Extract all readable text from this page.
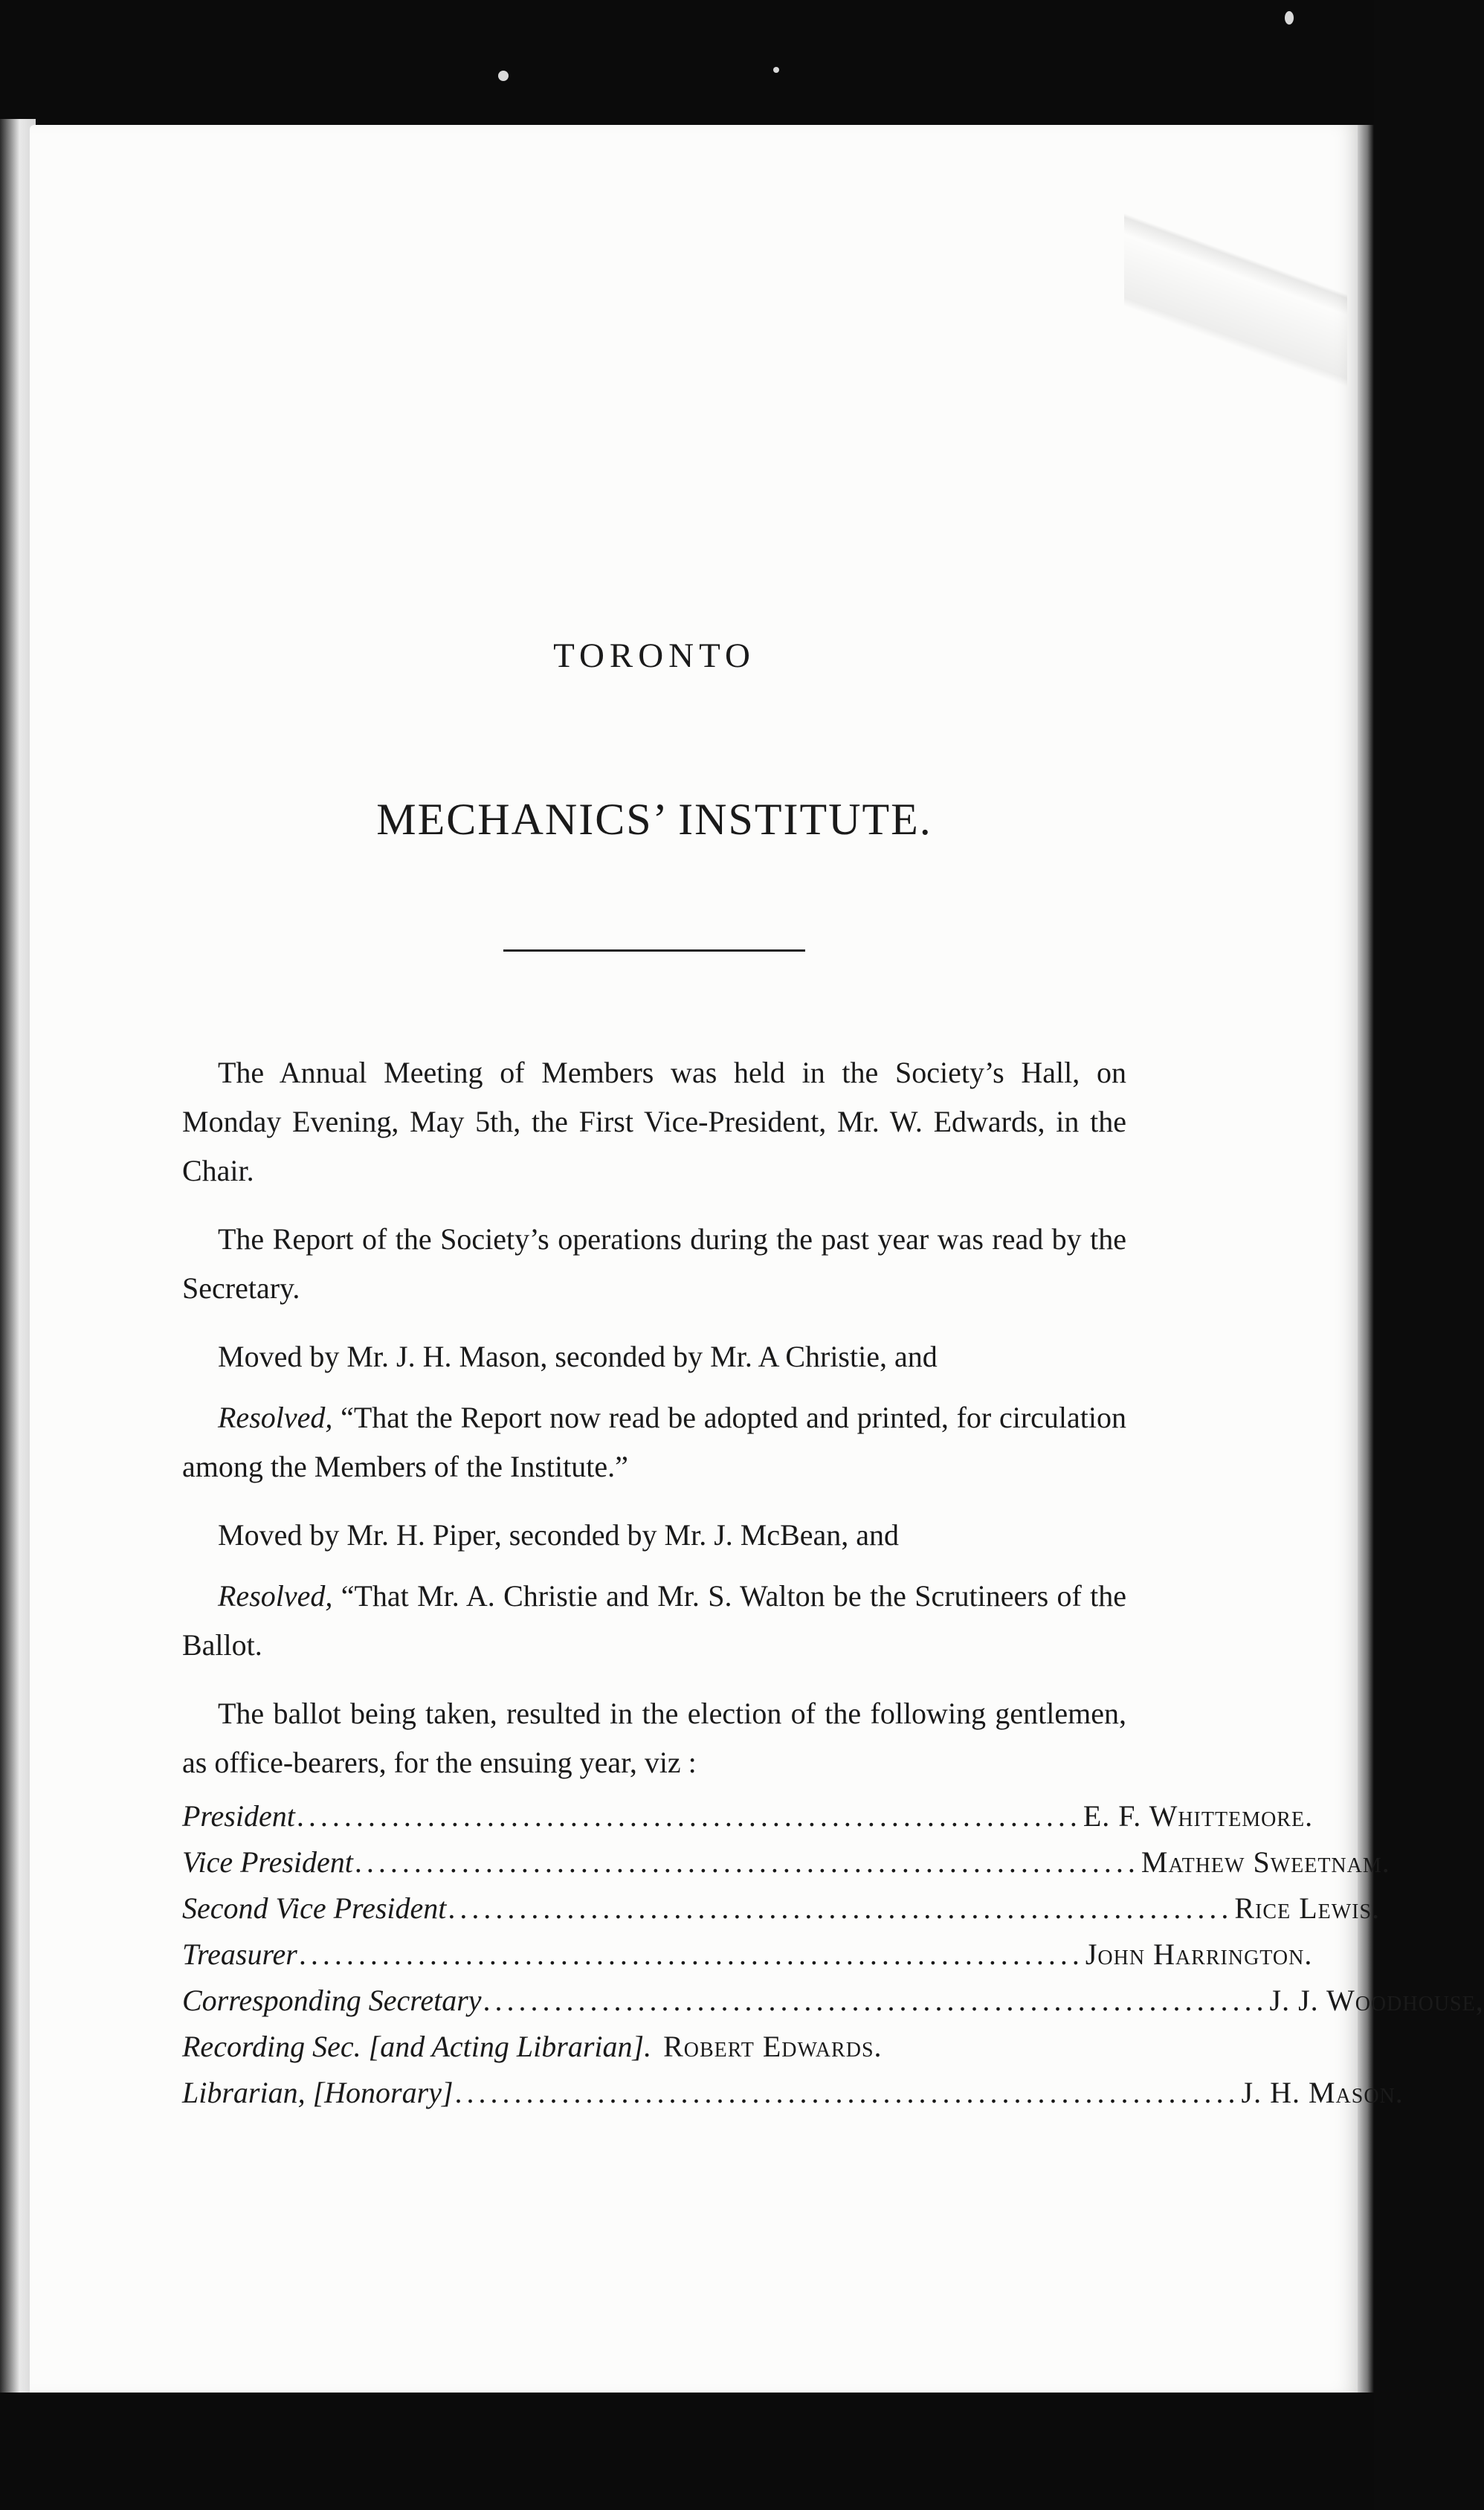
TORONTO
MECHANICS’ INSTITUTE.

The Annual Meeting of Members was held in the Society’s Hall, on Monday Evening, May 5th, the First Vice-President, Mr. W. Edwards, in the Chair.

The Report of the Society’s operations during the past year was read by the Secretary.

Moved by Mr. J. H. Mason, seconded by Mr. A Christie, and

Resolved, “That the Report now read be adopted and printed, for circulation among the Members of the Institute.”

Moved by Mr. H. Piper, seconded by Mr. J. McBean, and

Resolved, “That Mr. A. Christie and Mr. S. Walton be the Scrutineers of the Ballot.

The ballot being taken, resulted in the election of the following gentlemen, as office-bearers, for the ensuing year, viz :

President .................................................................. E. F. Whittemore.
Vice President .................................................................. Mathew Sweetnam.
Second Vice President .................................................................. Rice Lewis.
Treasurer .................................................................. John Harrington.
Corresponding Secretary .................................................................. J. J. Woodhouse,
Recording Sec. [and Acting Librarian]. Robert Edwards.
Librarian, [Honorary] .................................................................. J. H. Mason.
